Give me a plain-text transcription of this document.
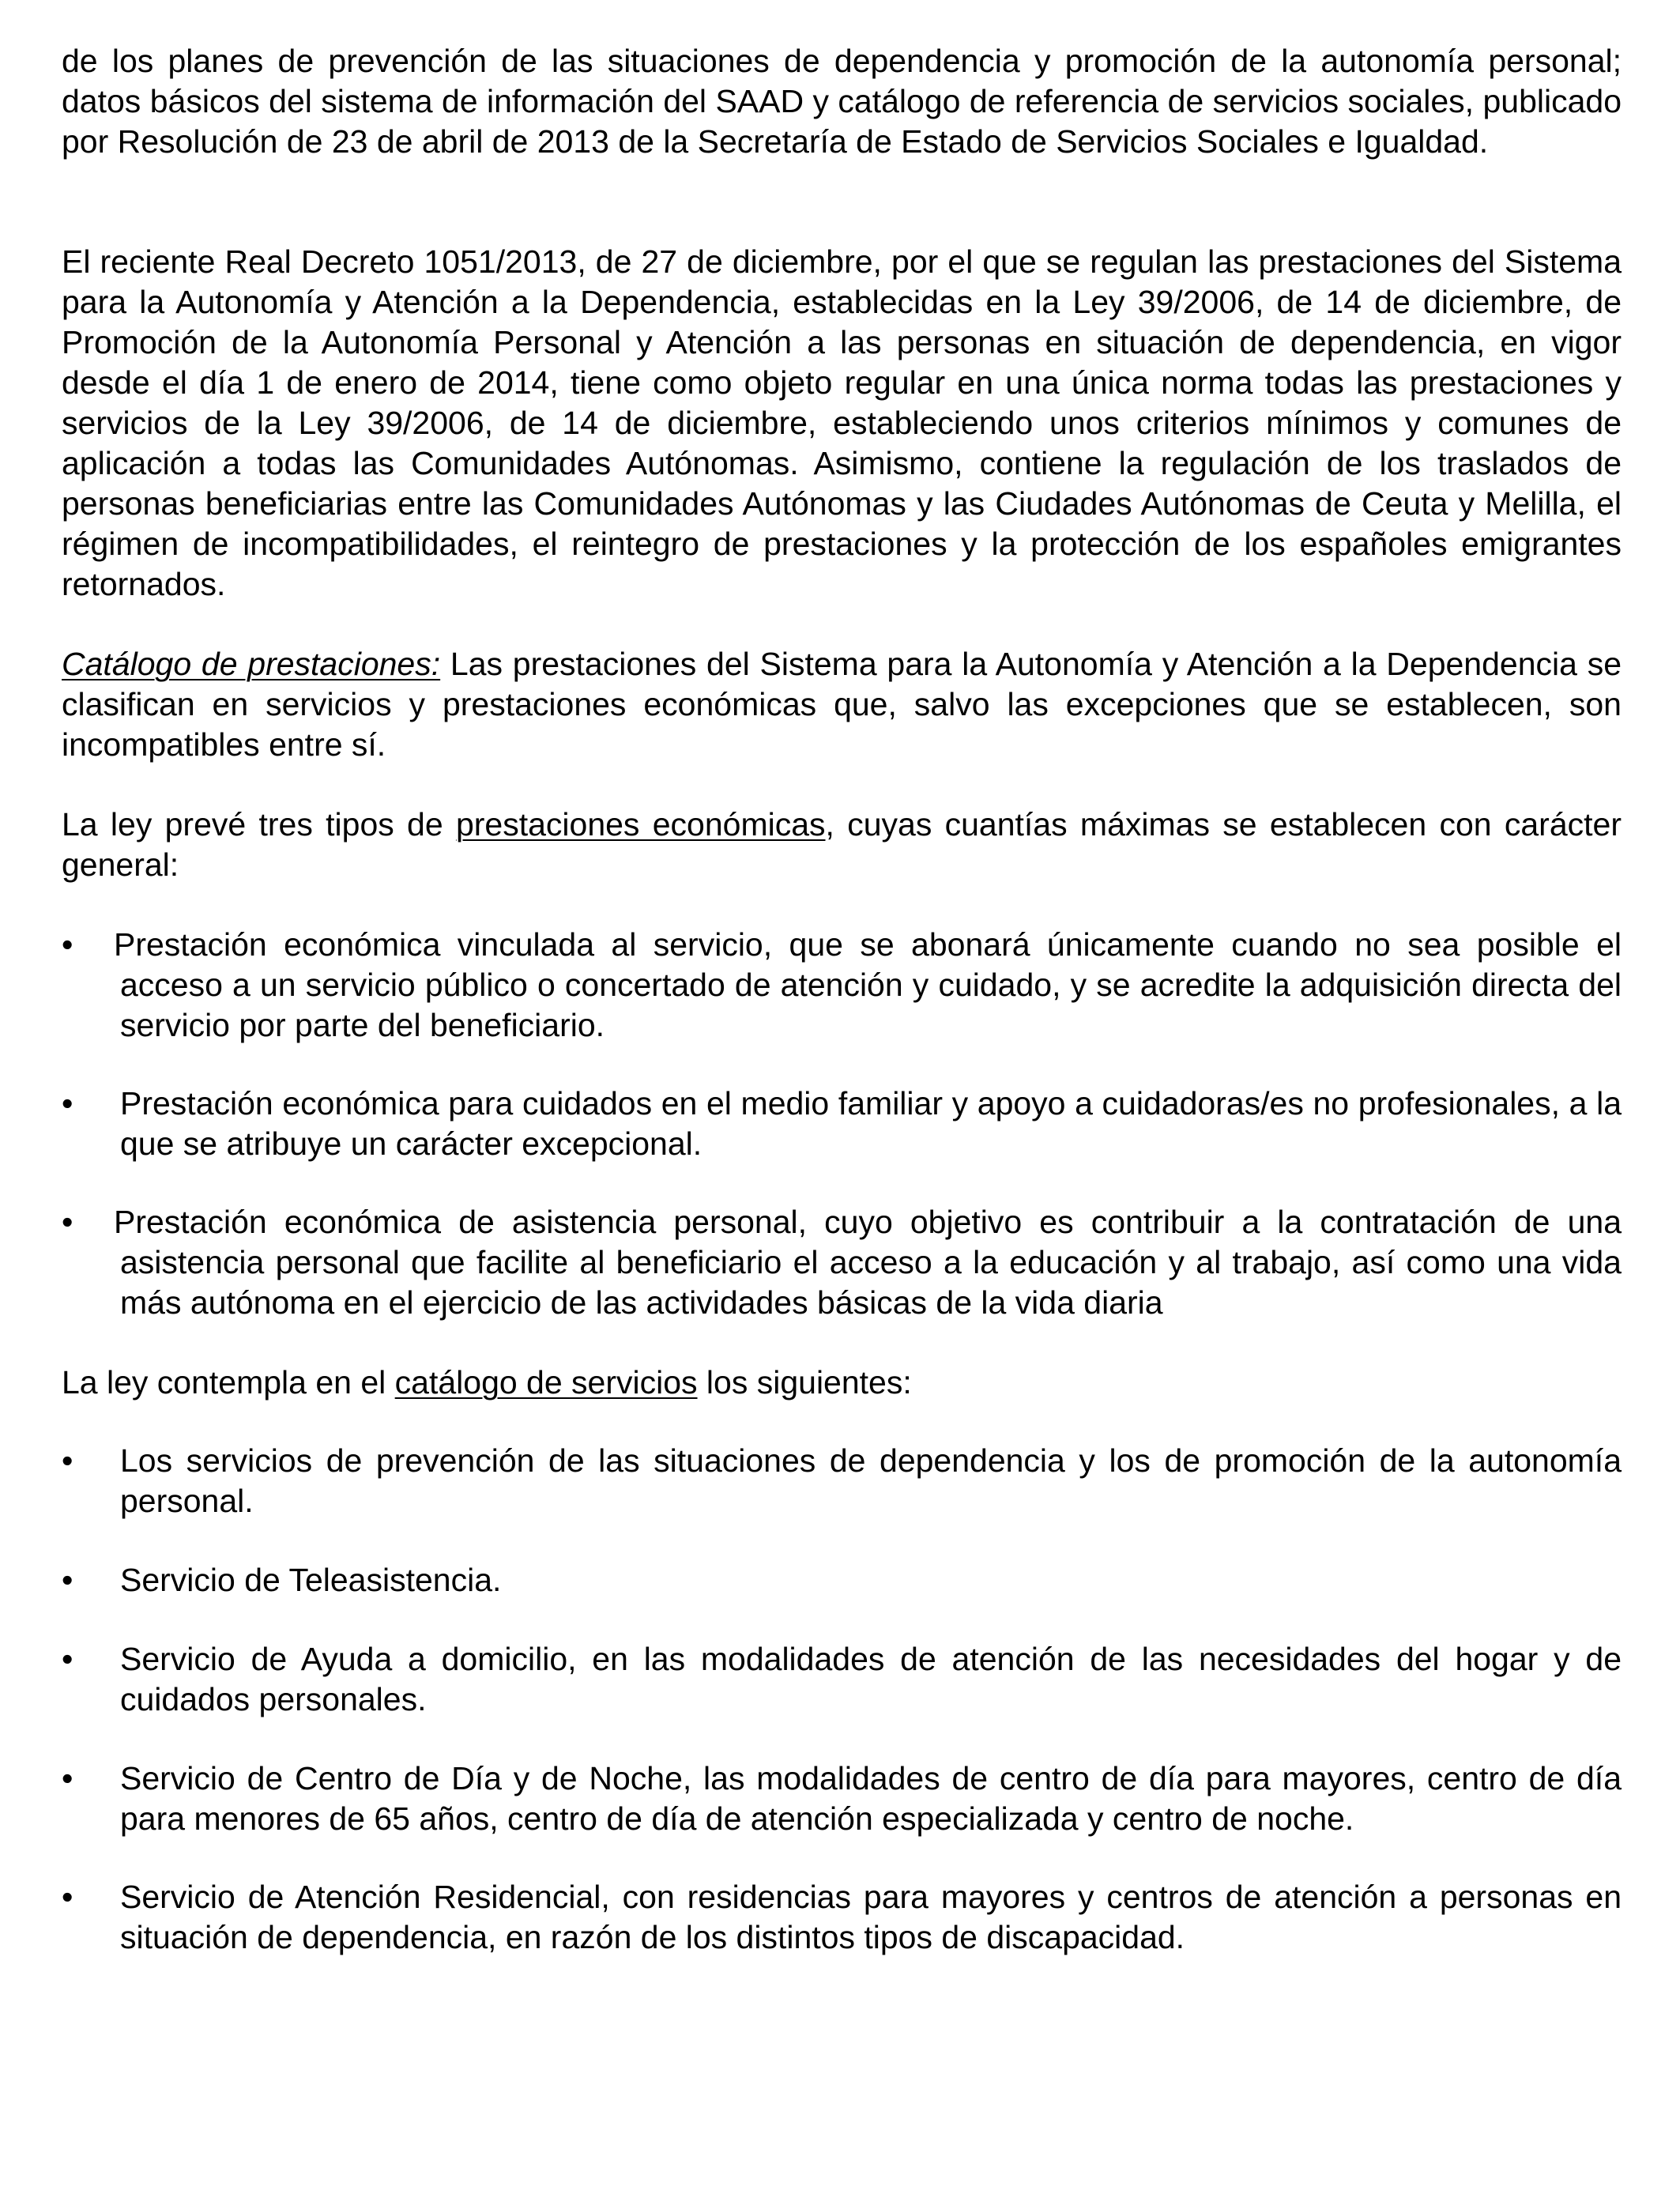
de los planes de prevención de las situaciones de dependencia y promoción de la autonomía personal; datos básicos del sistema de información del SAAD y catálogo de referencia de servicios sociales, publicado por Resolución de 23 de abril de 2013 de la Secretaría de Estado de Servicios Sociales e Igualdad.

El reciente Real Decreto 1051/2013, de 27 de diciembre, por el que se regulan las prestaciones del Sistema para la Autonomía y Atención a la Dependencia, establecidas en la Ley 39/2006, de 14 de diciembre, de Promoción de la Autonomía Personal y Atención a las personas en situación de dependencia, en vigor desde el día 1 de enero de 2014, tiene como objeto regular en una única norma todas las prestaciones y servicios de la Ley 39/2006, de 14 de diciembre, estableciendo unos criterios mínimos y comunes de aplicación a todas las Comunidades Autónomas. Asimismo, contiene la regulación de los traslados de personas beneficiarias entre las Comunidades Autónomas y las Ciudades Autónomas de Ceuta y Melilla, el régimen de incompatibilidades, el reintegro de prestaciones y la protección de los españoles emigrantes retornados.

Catálogo de prestaciones: Las prestaciones del Sistema para la Autonomía y Atención a la Dependencia se clasifican en servicios y prestaciones económicas que, salvo las excepciones que se establecen, son incompatibles entre sí.

La ley prevé tres tipos de prestaciones económicas, cuyas cuantías máximas se establecen con carácter general:

•	Prestación económica vinculada al servicio, que se abonará únicamente cuando no sea posible el acceso a un servicio público o concertado de atención y cuidado, y se acredite la adquisición directa del servicio por parte del beneficiario.
•	Prestación económica para cuidados en el medio familiar y apoyo a cuidadoras/es no profesionales, a la que se atribuye un carácter excepcional.
•	Prestación económica de asistencia personal, cuyo objetivo es contribuir a la contratación de una asistencia personal que facilite al beneficiario el acceso a la educación y al trabajo, así como una vida más autónoma en el ejercicio de las actividades básicas de la vida diaria

La ley contempla en el catálogo de servicios los siguientes:

•	Los servicios de prevención de las situaciones de dependencia y los de promoción de la autonomía personal.
•	Servicio de Teleasistencia.
•	Servicio de Ayuda a domicilio, en las modalidades de atención de las necesidades del hogar y de cuidados personales.
•	Servicio de Centro de Día y de Noche, las modalidades de centro de día para mayores, centro de día para menores de 65 años, centro de día de atención especializada y centro de noche.
•	Servicio de Atención Residencial, con residencias para mayores y centros de atención a personas en situación de dependencia, en razón de los distintos tipos de discapacidad.
